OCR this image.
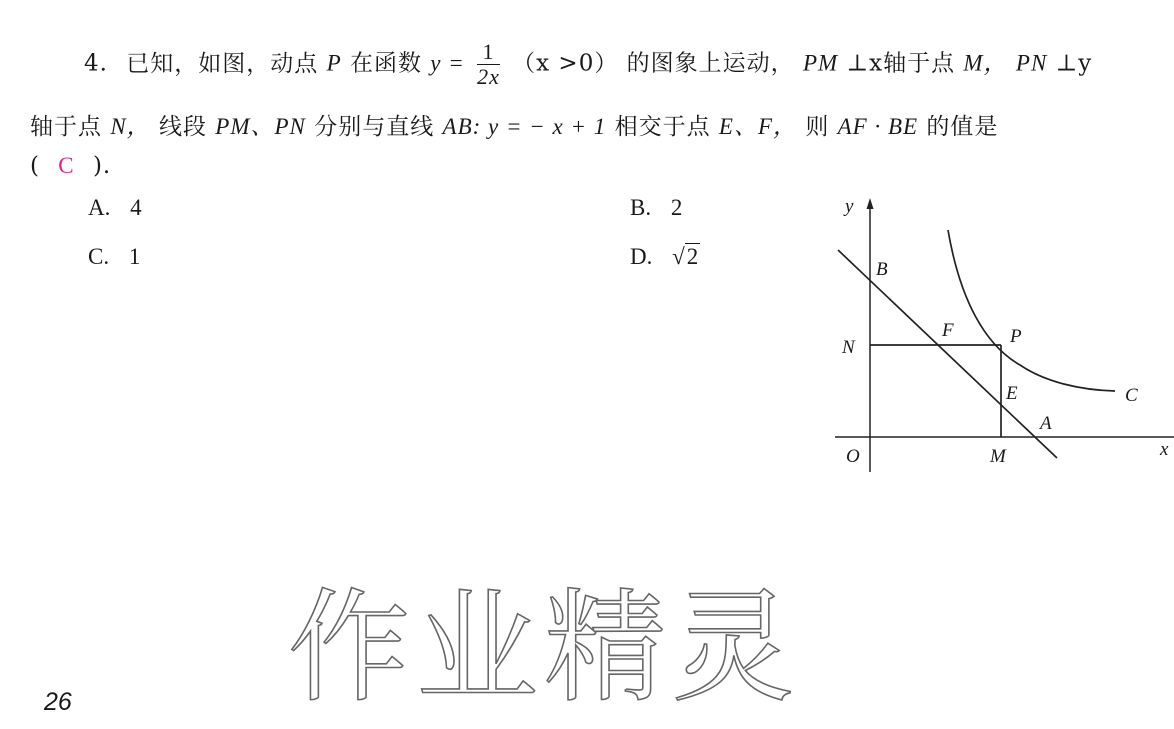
4. 已知，如图，动点 P 在函数 $y = \frac{1}{2x} (x >0)$ 的图象上运动， PM ⊥x轴于点 M， PN ⊥y
轴于点 N， 线段 PM、PN 分别与直线 AB: y = − x + 1 相交于点 E、F， 则 AF · BE 的值是
( C ).
A. 4	B. 2
C. 1	D. √2
y
x
O
B
N
F	P
E
A
M
C
作业精灵
26
